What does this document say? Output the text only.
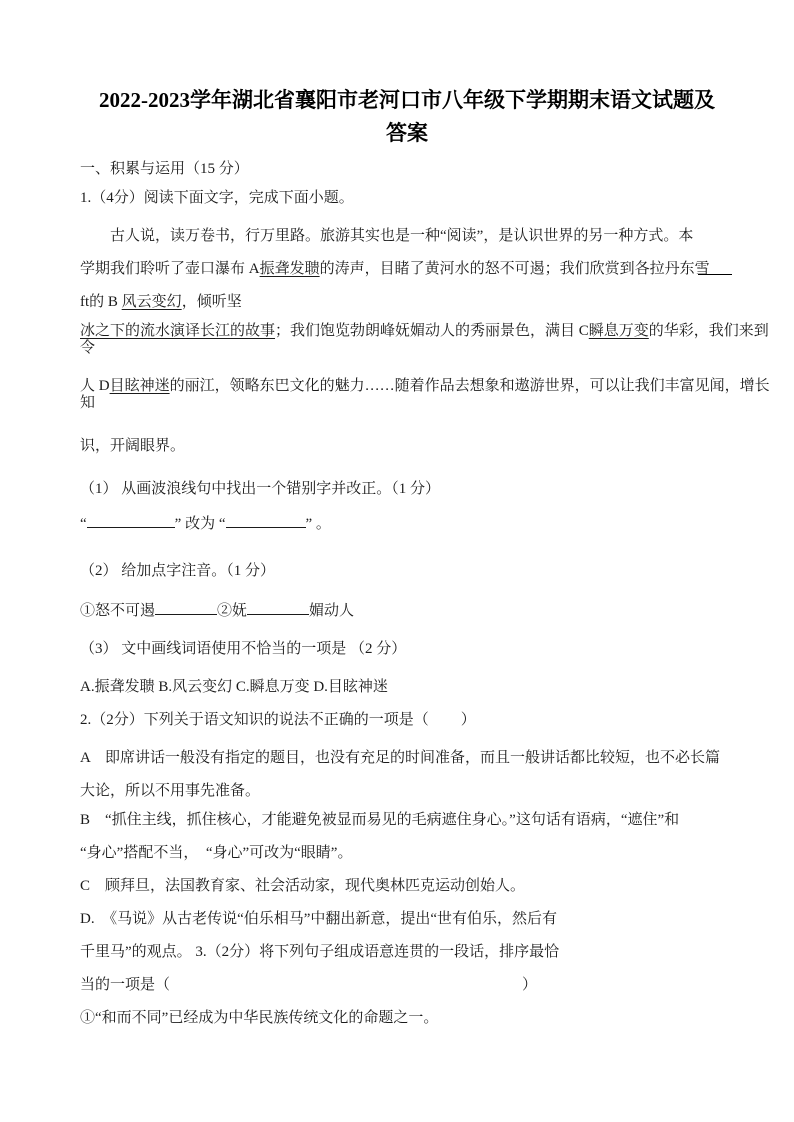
2022-2023学年湖北省襄阳市老河口市八年级下学期期末语文试题及答案
一、积累与运用（15 分）
1.（4分）阅读下面文字，完成下面小题。
　　古人说，读万卷书，行万里路。旅游其实也是一种“阅读”，是认识世界的另一种方式。本
学期我们聆听了壶口瀑布 A振聋发聩的涛声，目睹了黄河水的怒不可遏；我们欣赏到各拉丹东雪
ft的 B 风云变幻，倾听坚
冰之下的流水演译长江的故事；我们饱览勃朗峰妩媚动人的秀丽景色，满目 C瞬息万变的华彩，我们来到
令
人 D目眩神迷的丽江，领略东巴文化的魅力……随着作品去想象和遨游世界，可以让我们丰富见闻，增长
知
识，开阔眼界。
（1） 从画波浪线句中找出一个错别字并改正。（1 分）
“	” 改为 “	” 。
（2） 给加点字注音。（1 分）
①怒不可遏	②妩	媚动人
（3） 文中画线词语使用不恰当的一项是 （2 分）
A.振聋发聩 B.风云变幻 C.瞬息万变 D.目眩神迷
2.（2分）下列关于语文知识的说法不正确的一项是（ ）
A　即席讲话一般没有指定的题目，也没有充足的时间准备，而且一般讲话都比较短，也不必长篇
大论，所以不用事先准备。
B　“抓住主线，抓住核心，才能避免被显而易见的毛病遮住身心。”这句话有语病，“遮住”和
“身心”搭配不当，　“身心”可改为“眼睛”。
C　顾拜旦，法国教育家、社会活动家，现代奥林匹克运动创始人。
D.　《马说》从古老传说“伯乐相马”中翻出新意，提出“世有伯乐，然后有
千里马”的观点。 3.（2分）将下列句子组成语意连贯的一段话，排序最恰
当的一项是（	）
①“和而不同”已经成为中华民族传统文化的命题之一。
